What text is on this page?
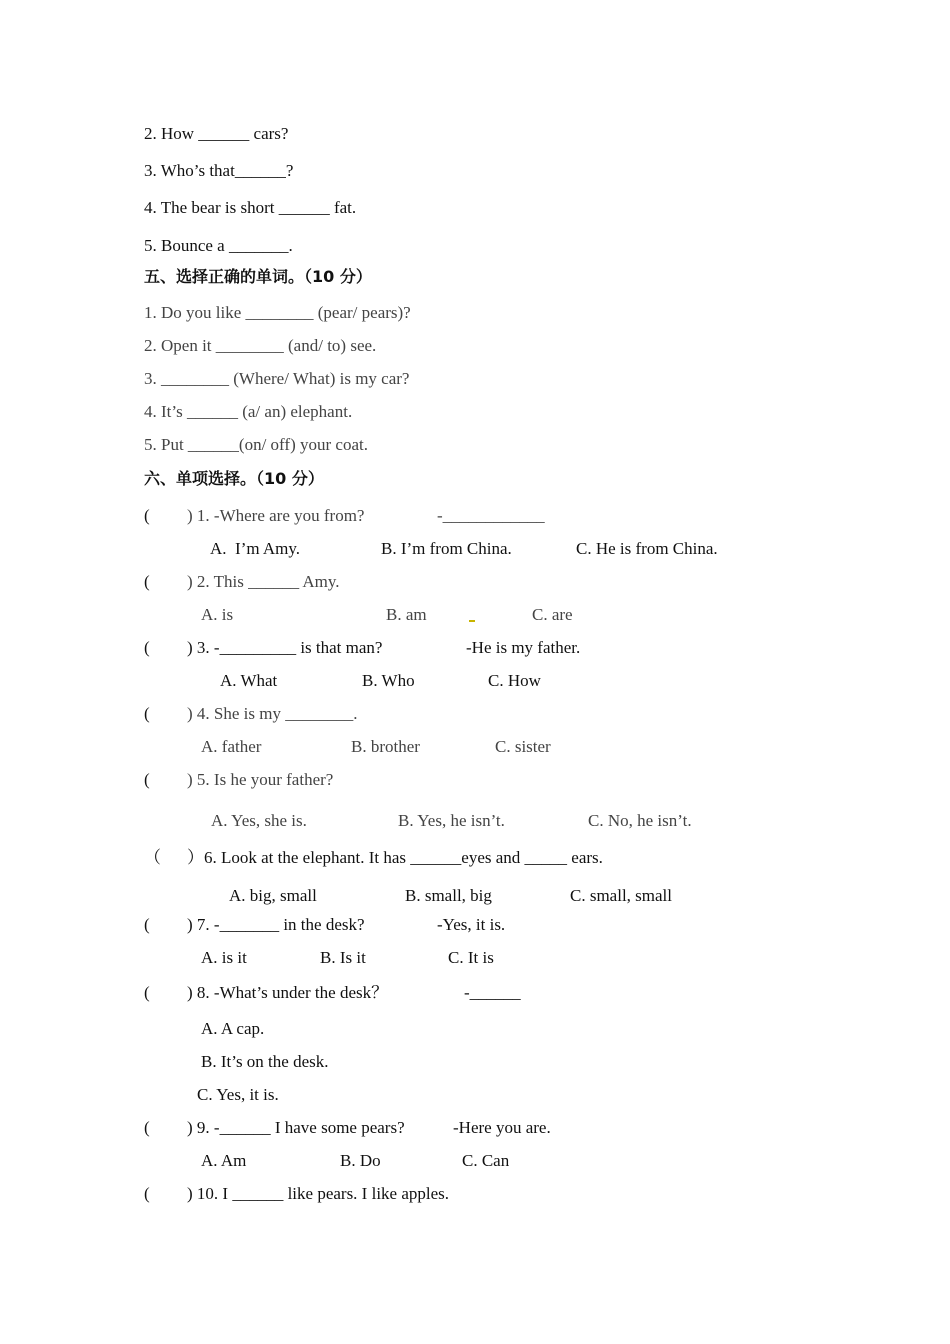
2. How ______ cars?
3. Who’s that______?
4. The bear is short ______ fat.
5. Bounce a _______.
五、选择正确的单词。（10 分）
1. Do you like ________ (pear/ pears)?
2. Open it ________ (and/ to) see.
3. ________ (Where/ What) is my car?
4. It’s ______ (a/ an) elephant.
5. Put ______(on/ off) your coat.
六、单项选择。（10 分）
( ) 1. -Where are you from?	-____________
A.  I’m Amy.	B. I’m from China.	C. He is from China.
( ) 2. This ______ Amy.
A. is	B. am	C. are
( ) 3. -_________ is that man?	-He is my father.
A. What	B. Who	C. How
( ) 4. She is my ________.
A. father	B. brother	C. sister
( ) 5. Is he your father?
A. Yes, she is.	B. Yes, he isn’t.	C. No, he isn’t.
（ ）6. Look at the elephant. It has ______eyes and _____ ears.
A. big, small	B. small, big	C. small, small
( ) 7. -_______ in the desk?	-Yes, it is.
A. is it	B. Is it	C. It is
( ) 8. -What’s under the desk？	-______
A. A cap.
B. It’s on the desk.
C. Yes, it is.
( ) 9. -______ I have some pears?	-Here you are.
A. Am	B. Do	C. Can
( ) 10. I ______ like pears. I like apples.
